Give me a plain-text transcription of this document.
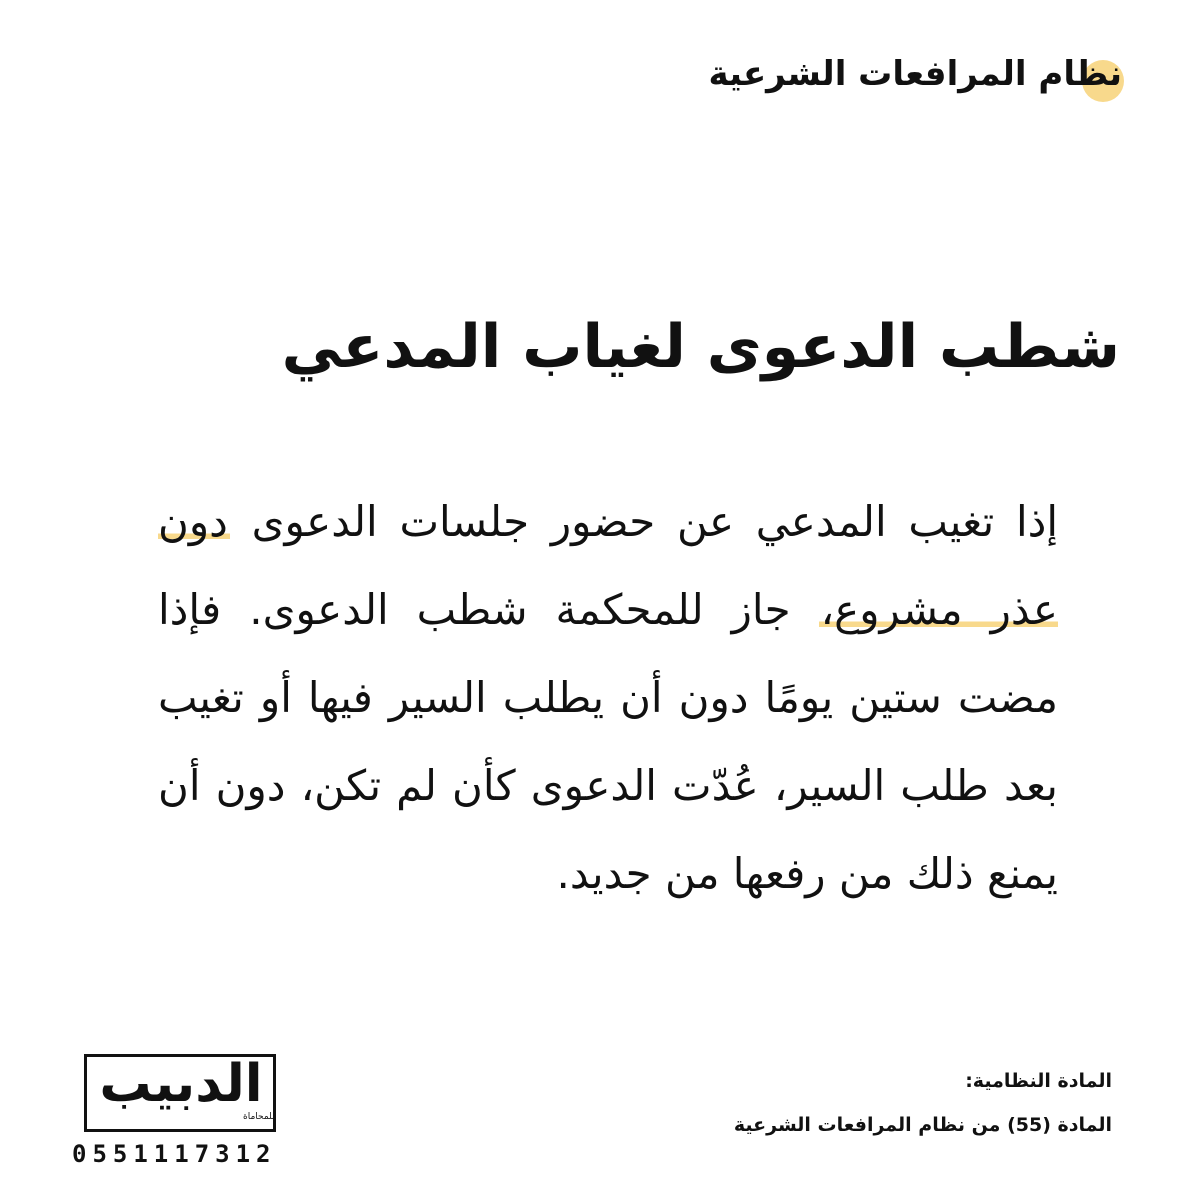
نظام المرافعات الشرعية
شطب الدعوى لغياب المدعي
إذا تغيب المدعي عن حضور جلسات الدعوى دون عذر مشروع، جاز للمحكمة شطب الدعوى. فإذا مضت ستين يومًا دون أن يطلب السير فيها أو تغيب بعد طلب السير، عُدّت الدعوى كأن لم تكن، دون أن يمنع ذلك من رفعها من جديد.
الدبيب
للمحاماة
0551117312
المادة النظامية:
المادة (55) من نظام المرافعات الشرعية
